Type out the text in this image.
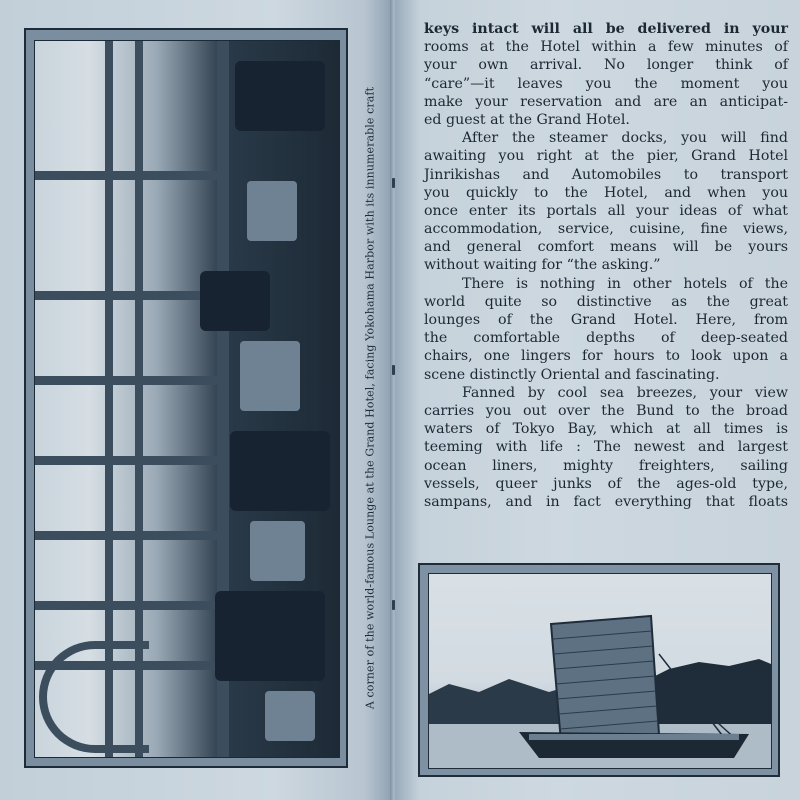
A corner of the world-famous Lounge at the Grand Hotel, facing Yokohama Harbor with its innumerable craft
keys intact will all be delivered in your
rooms at the Hotel within a few minutes of
your own arrival. No longer think of
“care”—it leaves you the moment you
make your reservation and are an anticipat-
ed guest at the Grand Hotel.
After the steamer docks, you will find
awaiting you right at the pier, Grand Hotel
Jinrikishas and Automobiles to transport
you quickly to the Hotel, and when you
once enter its portals all your ideas of what
accommodation, service, cuisine, fine views,
and general comfort means will be yours
without waiting for “the asking.”
There is nothing in other hotels of the
world quite so distinctive as the great
lounges of the Grand Hotel. Here, from
the comfortable depths of deep-seated
chairs, one lingers for hours to look upon a
scene distinctly Oriental and fascinating.
Fanned by cool sea breezes, your view
carries you out over the Bund to the broad
waters of Tokyo Bay, which at all times is
teeming with life : The newest and largest
ocean liners, mighty freighters, sailing
vessels, queer junks of the ages-old type,
sampans, and in fact everything that floats
